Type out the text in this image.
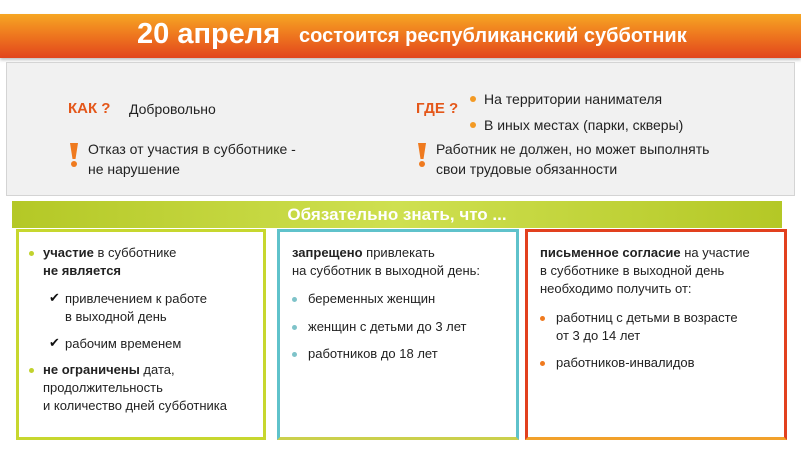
20 апреля состоится республиканский субботник
КАК ? Добровольно
Отказ от участия в субботнике -
не нарушение
ГДЕ ?
На территории нанимателя
В иных местах (парки, скверы)
Работник не должен, но может выполнять
свои трудовые обязанности
Обязательно знать, что ...
участие в субботнике
не является
✔ привлечением к работе
в выходной день
✔ рабочим временем
не ограничены дата,
продолжительность
и количество дней субботника
запрещено привлекать
на субботник в выходной день:
беременных женщин
женщин с детьми до 3 лет
работников до 18 лет
письменное согласие на участие
в субботнике в выходной день
необходимо получить от:
работниц с детьми в возрасте
от 3 до 14 лет
работников-инвалидов
